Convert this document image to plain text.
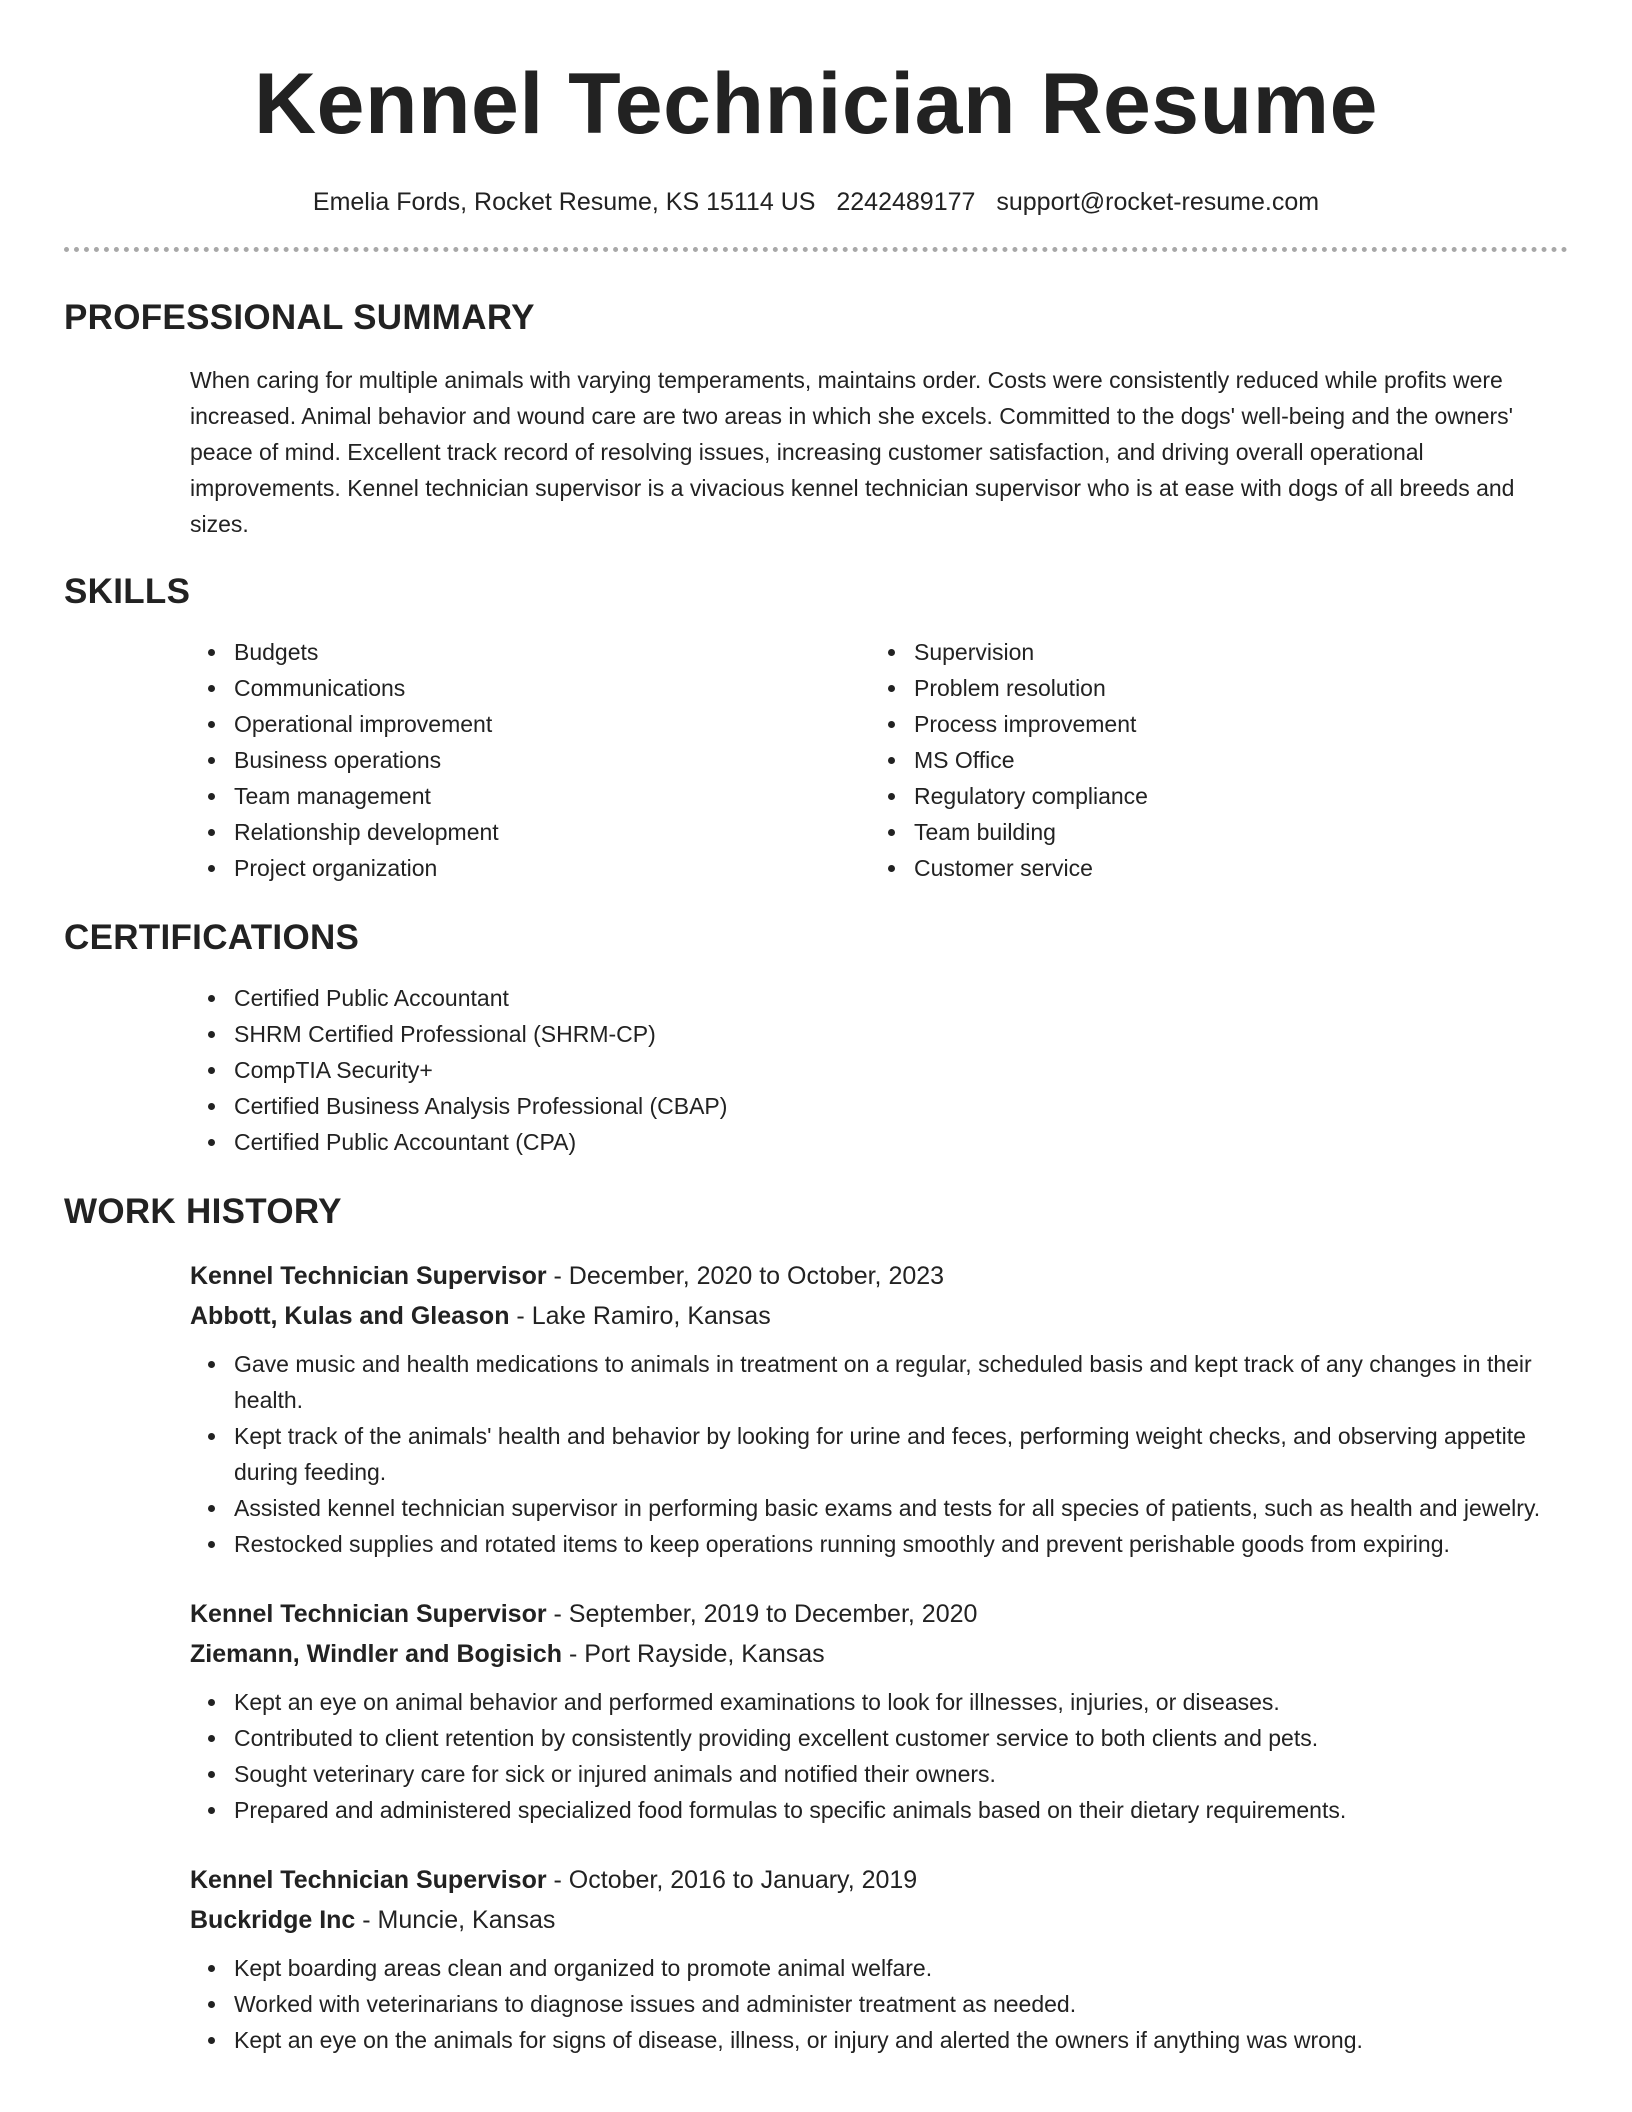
Kennel Technician Resume
Emelia Fords, Rocket Resume, KS 15114 US 2242489177 support@rocket-resume.com
PROFESSIONAL SUMMARY

When caring for multiple animals with varying temperaments, maintains order. Costs were consistently reduced while profits were increased. Animal behavior and wound care are two areas in which she excels. Committed to the dogs' well-being and the owners' peace of mind. Excellent track record of resolving issues, increasing customer satisfaction, and driving overall operational improvements. Kennel technician supervisor is a vivacious kennel technician supervisor who is at ease with dogs of all breeds and sizes.

SKILLS
Budgets
Communications
Operational improvement
Business operations
Team management
Relationship development
Project organization
Supervision
Problem resolution
Process improvement
MS Office
Regulatory compliance
Team building
Customer service
CERTIFICATIONS
Certified Public Accountant
SHRM Certified Professional (SHRM-CP)
CompTIA Security+
Certified Business Analysis Professional (CBAP)
Certified Public Accountant (CPA)
WORK HISTORY
Kennel Technician Supervisor - December, 2020 to October, 2023
Abbott, Kulas and Gleason - Lake Ramiro, Kansas
Gave music and health medications to animals in treatment on a regular, scheduled basis and kept track of any changes in their health.
Kept track of the animals' health and behavior by looking for urine and feces, performing weight checks, and observing appetite during feeding.
Assisted kennel technician supervisor in performing basic exams and tests for all species of patients, such as health and jewelry.
Restocked supplies and rotated items to keep operations running smoothly and prevent perishable goods from expiring.
Kennel Technician Supervisor - September, 2019 to December, 2020
Ziemann, Windler and Bogisich - Port Rayside, Kansas
Kept an eye on animal behavior and performed examinations to look for illnesses, injuries, or diseases.
Contributed to client retention by consistently providing excellent customer service to both clients and pets.
Sought veterinary care for sick or injured animals and notified their owners.
Prepared and administered specialized food formulas to specific animals based on their dietary requirements.
Kennel Technician Supervisor - October, 2016 to January, 2019
Buckridge Inc - Muncie, Kansas
Kept boarding areas clean and organized to promote animal welfare.
Worked with veterinarians to diagnose issues and administer treatment as needed.
Kept an eye on the animals for signs of disease, illness, or injury and alerted the owners if anything was wrong.
